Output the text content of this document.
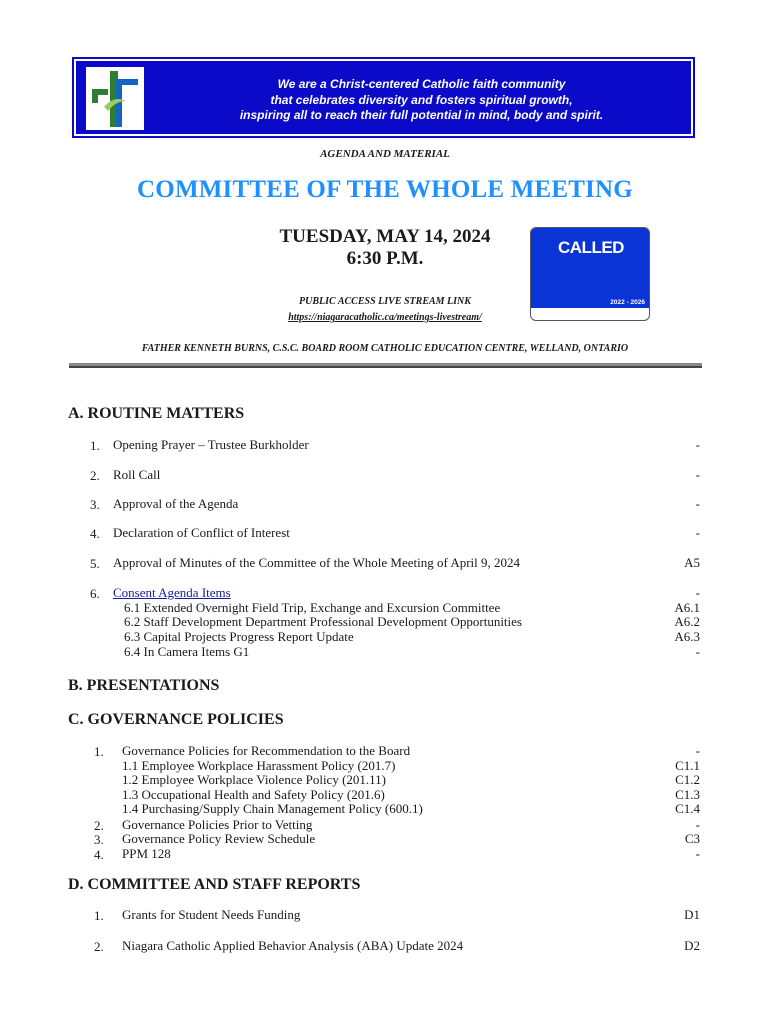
We are a Christ-centered Catholic faith community
that celebrates diversity and fosters spiritual growth,
inspiring all to reach their full potential in mind, body and spirit.
AGENDA AND MATERIAL
COMMITTEE OF THE WHOLE MEETING
TUESDAY, MAY 14, 2024
6:30 P.M.
PUBLIC ACCESS LIVE STREAM LINK
https://niagaracatholic.ca/meetings-livestream/
CALLED
2022 - 2026
FATHER KENNETH BURNS, C.S.C. BOARD ROOM CATHOLIC EDUCATION CENTRE, WELLAND, ONTARIO
A. ROUTINE MATTERS
1. Opening Prayer – Trustee Burkholder	-
2. Roll Call	-
3. Approval of the Agenda	-
4. Declaration of Conflict of Interest	-
5. Approval of Minutes of the Committee of the Whole Meeting of April 9, 2024	A5
6. Consent Agenda Items	-
6.1 Extended Overnight Field Trip, Exchange and Excursion Committee	A6.1
6.2 Staff Development Department Professional Development Opportunities	A6.2
6.3 Capital Projects Progress Report Update	A6.3
6.4 In Camera Items G1	-
B. PRESENTATIONS
C. GOVERNANCE POLICIES
1. Governance Policies for Recommendation to the Board	-
1.1 Employee Workplace Harassment Policy (201.7)	C1.1
1.2 Employee Workplace Violence Policy (201.11)	C1.2
1.3 Occupational Health and Safety Policy (201.6)	C1.3
1.4 Purchasing/Supply Chain Management Policy (600.1)	C1.4
2. Governance Policies Prior to Vetting	-
3. Governance Policy Review Schedule	C3
4. PPM 128	-
D. COMMITTEE AND STAFF REPORTS
1. Grants for Student Needs Funding	D1
2. Niagara Catholic Applied Behavior Analysis (ABA) Update 2024	D2
